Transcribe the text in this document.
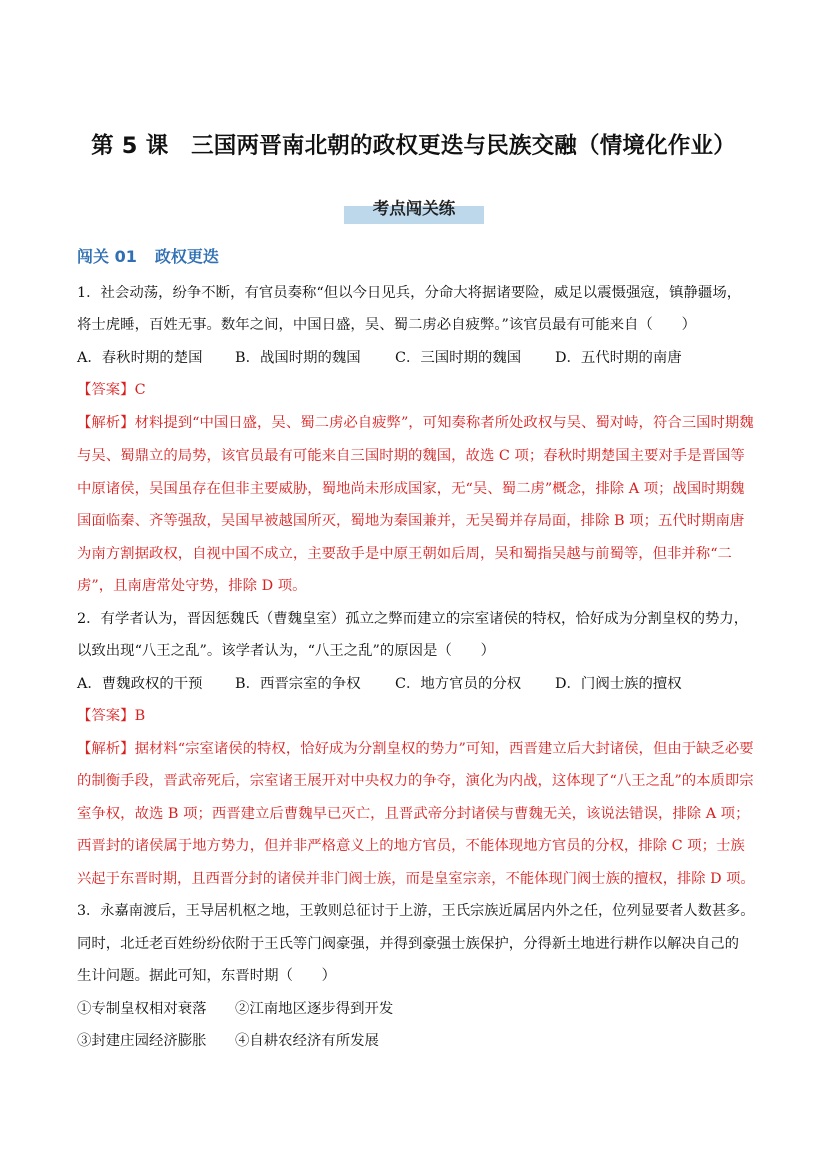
第 5 课　三国两晋南北朝的政权更迭与民族交融（情境化作业）
考点闯关练
闯关 01 政权更迭
1．社会动荡，纷争不断，有官员奏称“但以今日见兵，分命大将据诸要险，威足以震慑强寇，镇静疆场，
将士虎睡，百姓无事。数年之间，中国日盛，吴、蜀二虏必自疲弊。”该官员最有可能来自（　　）
A．春秋时期的楚国 B．战国时期的魏国 C．三国时期的魏国 D．五代时期的南唐
【答案】C
【解析】材料提到“中国日盛，吴、蜀二虏必自疲弊”，可知奏称者所处政权与吴、蜀对峙，符合三国时期魏
与吴、蜀鼎立的局势，该官员最有可能来自三国时期的魏国，故选 C 项；春秋时期楚国主要对手是晋国等
中原诸侯，吴国虽存在但非主要威胁，蜀地尚未形成国家，无“吴、蜀二虏”概念，排除 A 项；战国时期魏
国面临秦、齐等强敌，吴国早被越国所灭，蜀地为秦国兼并，无吴蜀并存局面，排除 B 项；五代时期南唐
为南方割据政权，自视中国不成立，主要敌手是中原王朝如后周，吴和蜀指吴越与前蜀等，但非并称“二
虏”，且南唐常处守势，排除 D 项。
2．有学者认为，晋因惩魏氏（曹魏皇室）孤立之弊而建立的宗室诸侯的特权，恰好成为分割皇权的势力，
以致出现“八王之乱”。该学者认为，“八王之乱”的原因是（　　）
A．曹魏政权的干预 B．西晋宗室的争权 C．地方官员的分权 D．门阀士族的擅权
【答案】B
【解析】据材料“宗室诸侯的特权，恰好成为分割皇权的势力”可知，西晋建立后大封诸侯，但由于缺乏必要
的制衡手段，晋武帝死后，宗室诸王展开对中央权力的争夺，演化为内战，这体现了“八王之乱”的本质即宗
室争权，故选 B 项；西晋建立后曹魏早已灭亡，且晋武帝分封诸侯与曹魏无关，该说法错误，排除 A 项；
西晋封的诸侯属于地方势力，但并非严格意义上的地方官员，不能体现地方官员的分权，排除 C 项；士族
兴起于东晋时期，且西晋分封的诸侯并非门阀士族，而是皇室宗亲，不能体现门阀士族的擅权，排除 D 项。
3．永嘉南渡后，王导居机枢之地，王敦则总征讨于上游，王氏宗族近属居内外之任，位列显要者人数甚多。
同时，北迁老百姓纷纷依附于王氏等门阀豪强，并得到豪强士族保护，分得新土地进行耕作以解决自己的
生计问题。据此可知，东晋时期（　　）
①专制皇权相对衰落 ②江南地区逐步得到开发
③封建庄园经济膨胀 ④自耕农经济有所发展
